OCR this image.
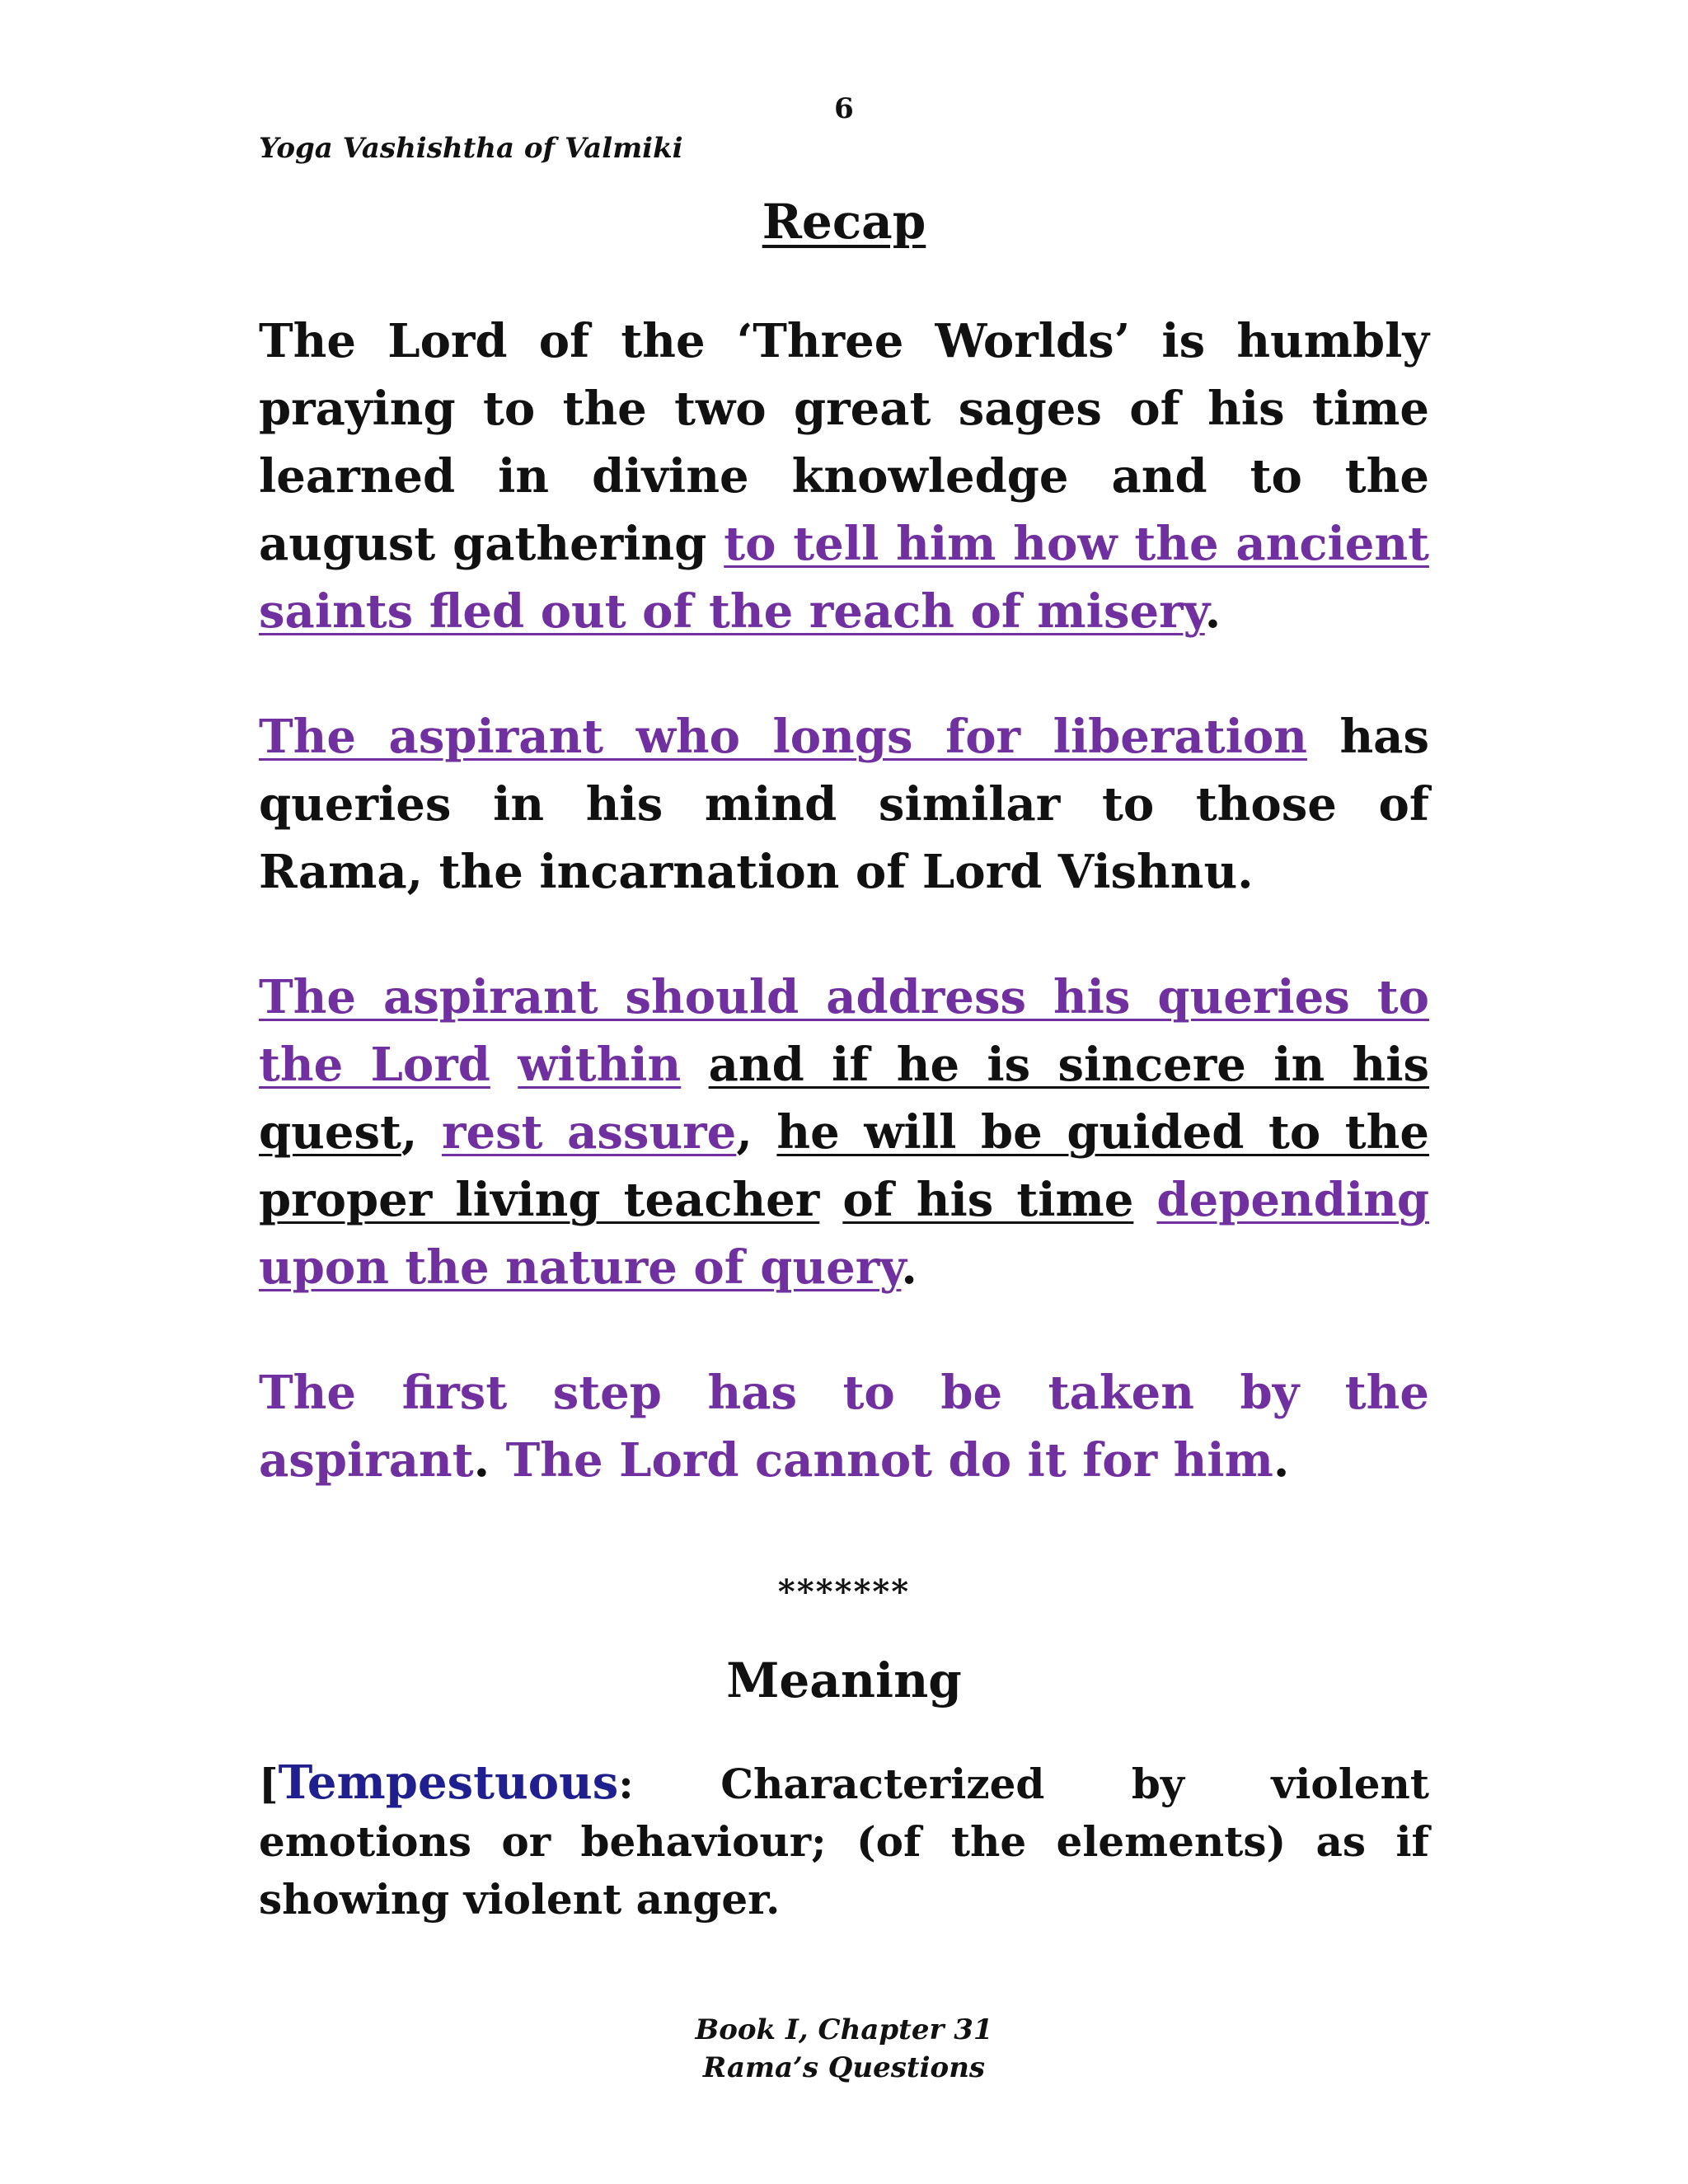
6
Yoga Vashishtha of Valmiki
Recap

The Lord of the ‘Three Worlds’ is humbly praying to the two great sages of his time learned in divine knowledge and to the august gathering to tell him how the ancient saints fled out of the reach of misery.

The aspirant who longs for liberation has queries in his mind similar to those of Rama, the incarnation of Lord Vishnu.

The aspirant should address his queries to the Lord within and if he is sincere in his quest, rest assure, he will be guided to the proper living teacher of his time depending upon the nature of query.

The first step has to be taken by the aspirant. The Lord cannot do it for him.

*******

Meaning

[Tempestuous: Characterized by violent emotions or behaviour; (of the elements) as if showing violent anger.

Book I, Chapter 31
Rama’s Questions
